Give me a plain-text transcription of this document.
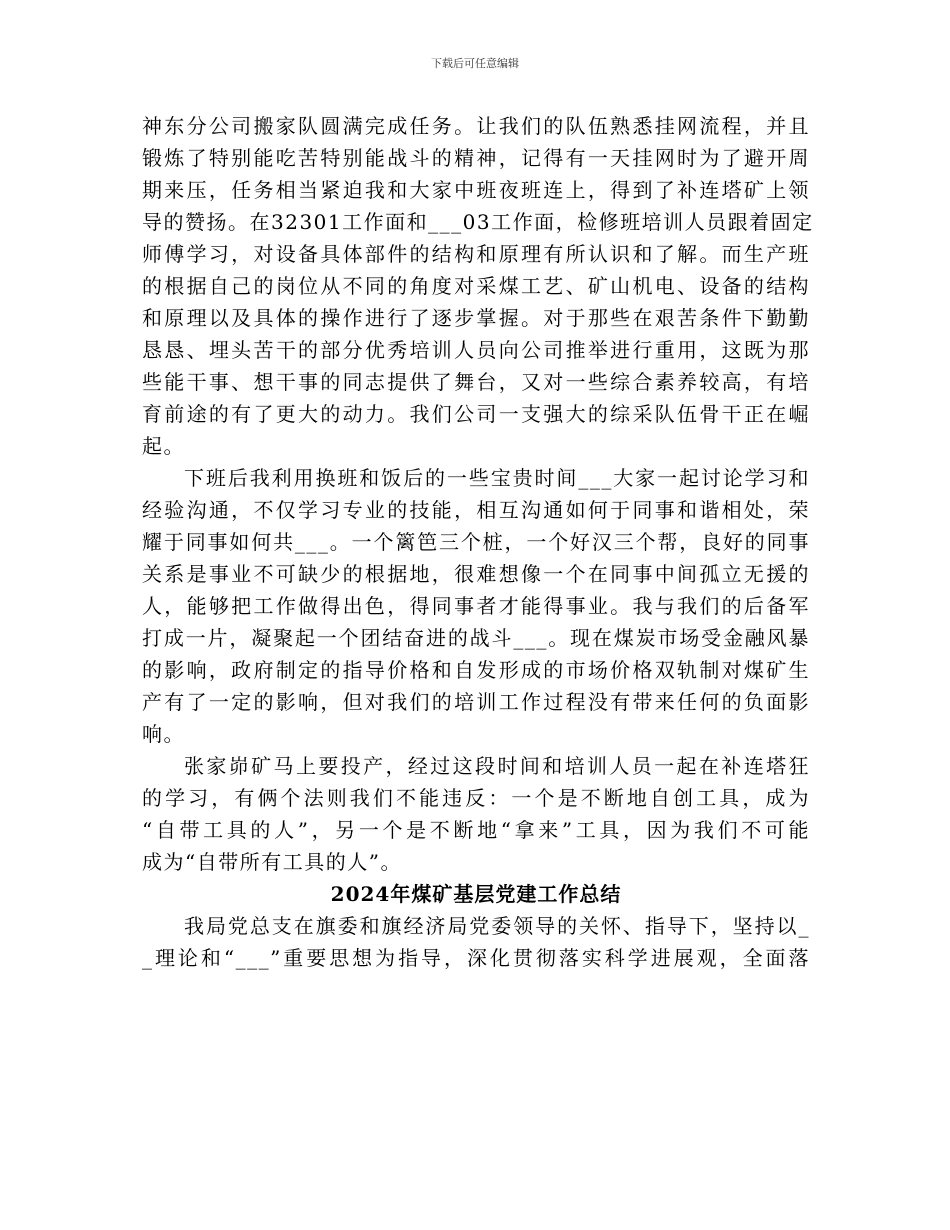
下载后可任意编辑
神东分公司搬家队圆满完成任务。让我们的队伍熟悉挂网流程，并且
锻炼了特别能吃苦特别能战斗的精神，记得有一天挂网时为了避开周
期来压，任务相当紧迫我和大家中班夜班连上，得到了补连塔矿上领
导的赞扬。在32301工作面和___03工作面，检修班培训人员跟着固定
师傅学习，对设备具体部件的结构和原理有所认识和了解。而生产班
的根据自己的岗位从不同的角度对采煤工艺、矿山机电、设备的结构
和原理以及具体的操作进行了逐步掌握。对于那些在艰苦条件下勤勤
恳恳、埋头苦干的部分优秀培训人员向公司推举进行重用，这既为那
些能干事、想干事的同志提供了舞台，又对一些综合素养较高，有培
育前途的有了更大的动力。我们公司一支强大的综采队伍骨干正在崛
起。
下班后我利用换班和饭后的一些宝贵时间___大家一起讨论学习和
经验沟通，不仅学习专业的技能，相互沟通如何于同事和谐相处，荣
耀于同事如何共___。一个篱笆三个桩，一个好汉三个帮，良好的同事
关系是事业不可缺少的根据地，很难想像一个在同事中间孤立无援的
人，能够把工作做得出色，得同事者才能得事业。我与我们的后备军
打成一片，凝聚起一个团结奋进的战斗___。现在煤炭市场受金融风暴
的影响，政府制定的指导价格和自发形成的市场价格双轨制对煤矿生
产有了一定的影响，但对我们的培训工作过程没有带来任何的负面影
响。
张家峁矿马上要投产，经过这段时间和培训人员一起在补连塔狂
的学习，有俩个法则我们不能违反：一个是不断地自创工具，成为
“自带工具的人”，另一个是不断地“拿来”工具，因为我们不可能
成为“自带所有工具的人”。
2024年煤矿基层党建工作总结
我局党总支在旗委和旗经济局党委领导的关怀、指导下，坚持以_
_理论和“___”重要思想为指导，深化贯彻落实科学进展观，全面落
